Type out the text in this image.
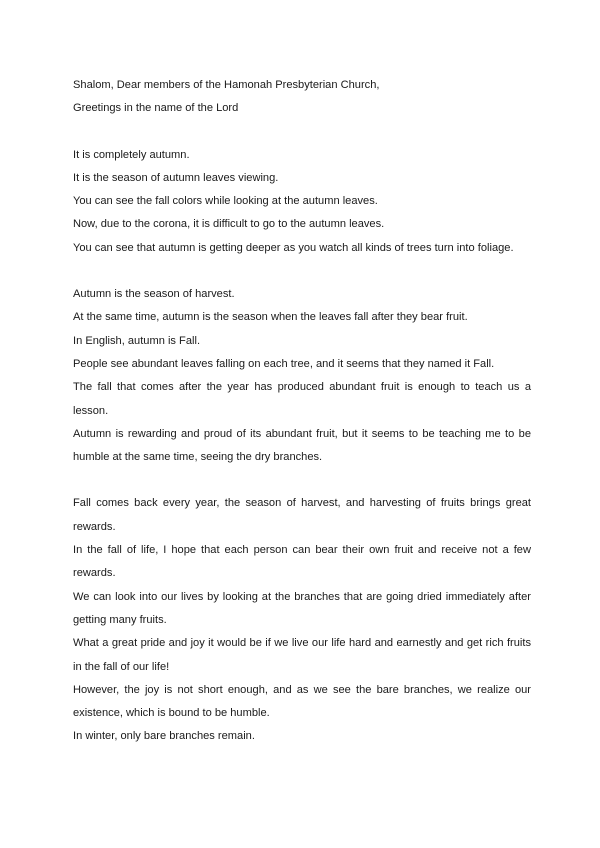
Shalom, Dear members of the Hamonah Presbyterian Church,

Greetings in the name of the Lord

It is completely autumn.

It is the season of autumn leaves viewing.

You can see the fall colors while looking at the autumn leaves.

Now, due to the corona, it is difficult to go to the autumn leaves.

You can see that autumn is getting deeper as you watch all kinds of trees turn into foliage.

Autumn is the season of harvest.

At the same time, autumn is the season when the leaves fall after they bear fruit.

In English, autumn is Fall.

People see abundant leaves falling on each tree, and it seems that they named it Fall.

The fall that comes after the year has produced abundant fruit is enough to teach us a lesson.

Autumn is rewarding and proud of its abundant fruit, but it seems to be teaching me to be humble at the same time, seeing the dry branches.

Fall comes back every year, the season of harvest, and harvesting of fruits brings great rewards.

In the fall of life, I hope that each person can bear their own fruit and receive not a few rewards.

We can look into our lives by looking at the branches that are going dried immediately after getting many fruits.

What a great pride and joy it would be if we live our life hard and earnestly and get rich fruits in the fall of our life!

However, the joy is not short enough, and as we see the bare branches, we realize our existence, which is bound to be humble.

In winter, only bare branches remain.
